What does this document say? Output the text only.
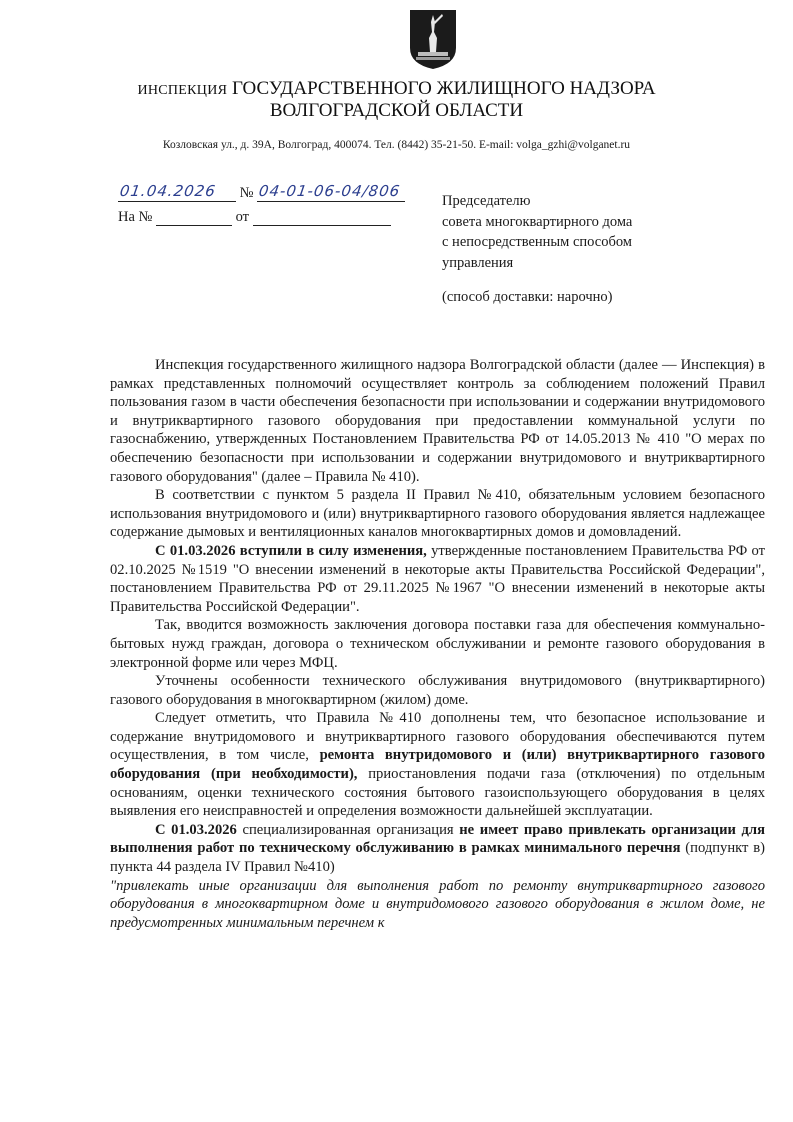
ИНСПЕКЦИЯ ГОСУДАРСТВЕННОГО ЖИЛИЩНОГО НАДЗОРА
ВОЛГОГРАДСКОЙ ОБЛАСТИ
Козловская ул., д. 39А, Волгоград, 400074. Тел. (8442) 35-21-50. E-mail: volga_gzhi@volganet.ru
01.04.2026 № 04-01-06-04/806
На №	от
Председателю
совета многоквартирного дома
с непосредственным способом
управления
(способ доставки: нарочно)

Инспекция государственного жилищного надзора Волгоградской области (далее — Инспекция) в рамках представленных полномочий осуществляет контроль за соблюдением положений Правил пользования газом в части обеспечения безопасности при использовании и содержании внутридомового и внутриквартирного газового оборудования при предоставлении коммунальной услуги по газоснабжению, утвержденных Постановлением Правительства РФ от 14.05.2013 № 410 "О мерах по обеспечению безопасности при использовании и содержании внутридомового и внутриквартирного газового оборудования" (далее – Правила № 410).

В соответствии с пунктом 5 раздела II Правил №410, обязательным условием безопасного использования внутридомового и (или) внутриквартирного газового оборудования является надлежащее содержание дымовых и вентиляционных каналов многоквартирных домов и домовладений.

С 01.03.2026 вступили в силу изменения, утвержденные постановлением Правительства РФ от 02.10.2025 №1519 "О внесении изменений в некоторые акты Правительства Российской Федерации", постановлением Правительства РФ от 29.11.2025 №1967 "О внесении изменений в некоторые акты Правительства Российской Федерации".

Так, вводится возможность заключения договора поставки газа для обеспечения коммунально-бытовых нужд граждан, договора о техническом обслуживании и ремонте газового оборудования в электронной форме или через МФЦ.

Уточнены особенности технического обслуживания внутридомового (внутриквартирного) газового оборудования в многоквартирном (жилом) доме.

Следует отметить, что Правила №410 дополнены тем, что безопасное использование и содержание внутридомового и внутриквартирного газового оборудования обеспечиваются путем осуществления, в том числе, ремонта внутридомового и (или) внутриквартирного газового оборудования (при необходимости), приостановления подачи газа (отключения) по отдельным основаниям, оценки технического состояния бытового газоиспользующего оборудования в целях выявления его неисправностей и определения возможности дальнейшей эксплуатации.

С 01.03.2026 специализированная организация не имеет право привлекать организации для выполнения работ по техническому обслуживанию в рамках минимального перечня (подпункт в) пункта 44 раздела IV Правил №410)

"привлекать иные организации для выполнения работ по ремонту внутриквартирного газового оборудования в многоквартирном доме и внутридомового газового оборудования в жилом доме, не предусмотренных минимальным перечнем к
